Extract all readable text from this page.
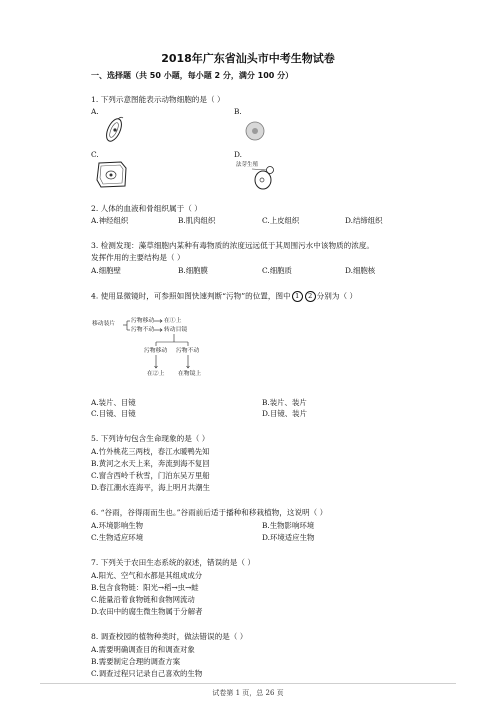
2018年广东省汕头市中考生物试卷
一、选择题（共 50 小题，每小题 2 分，满分 100 分）
1. 下列示意图能表示动物细胞的是（ ）
A.	B.
C.	D.
法芽生殖
2. 人体的血液和骨组织属于（ ）
A.神经组织	B.肌肉组织	C.上皮组织	D.结缔组织
3. 检测发现：藻草细胞内某种有毒物质的浓度远远低于其周围污水中该物质的浓度。
发挥作用的主要结构是（ ）
A.细胞壁	B.细胞膜	C.细胞质	D.细胞核
4. 使用显微镜时，可参照如图快速判断“污物”的位置，图中 1 2 分别为（ ）
移动装片	污物移动 在①上
污物不动 转动目镜
污物移动 污物不动
在②上 在物镜上
A.装片、目镜	B.装片、装片
C.目镜、目镜	D.目镜、装片
5. 下列诗句包含生命现象的是（ ）
A.竹外桃花三两枝，春江水暖鸭先知
B.黄河之水天上来，奔流到海不复回
C.窗含西岭千秋雪，门泊东吴万里船
D.春江潮水连海平，海上明月共潮生
6. “谷雨，谷得雨而生也。”谷雨前后适于播种和移栽植物，这说明（ ）
A.环境影响生物	B.生物影响环境
C.生物适应环境	D.环境适应生物
7. 下列关于农田生态系统的叙述，错误的是（ ）
A.阳光、空气和水都是其组成成分
B.包含食物链：阳光→稻→虫→蛙
C.能量沿着食物链和食物网流动
D.农田中的腐生微生物属于分解者
8. 调查校园的植物种类时，做法错误的是（ ）
A.需要明确调查目的和调查对象
B.需要制定合理的调查方案
C.调查过程只记录自己喜欢的生物
试卷第 1 页，总 26 页
